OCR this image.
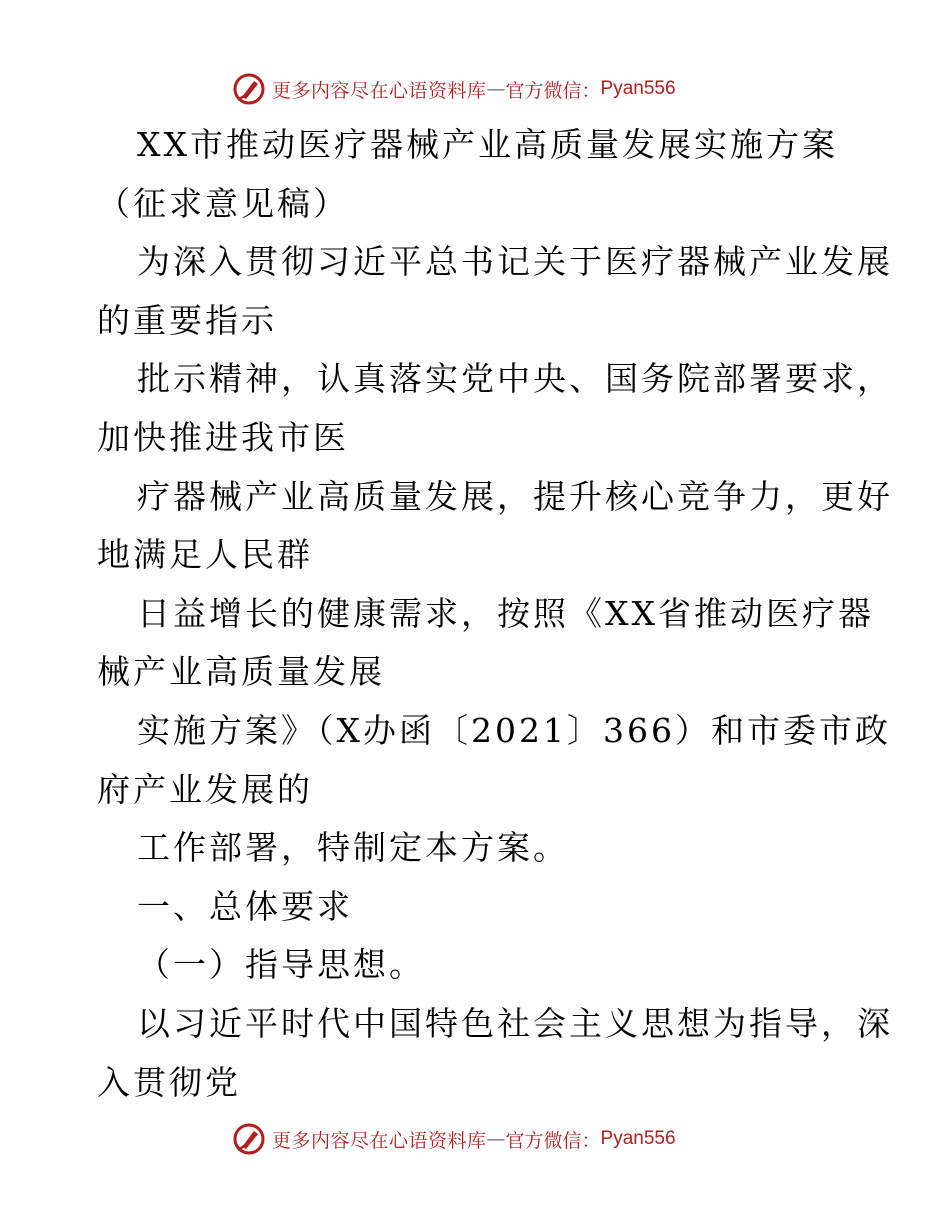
更多内容尽在心语资料库 — 官方微信： Pyan556
XX市推动医疗器械产业高质量发展实施方案
（征求意见稿）
为深入贯彻习近平总书记关于医疗器械产业发展
的重要指示
批示精神，认真落实党中央、国务院部署要求，
加快推进我市医
疗器械产业高质量发展，提升核心竞争力，更好
地满足人民群
日益增长的健康需求，按照《XX省推动医疗器
械产业高质量发展
实施方案》（X办函〔2021〕366）和市委市政
府产业发展的
工作部署，特制定本方案。
一、总体要求
（一）指导思想。
以习近平时代中国特色社会主义思想为指导，深
入贯彻党
更多内容尽在心语资料库 — 官方微信： Pyan556
